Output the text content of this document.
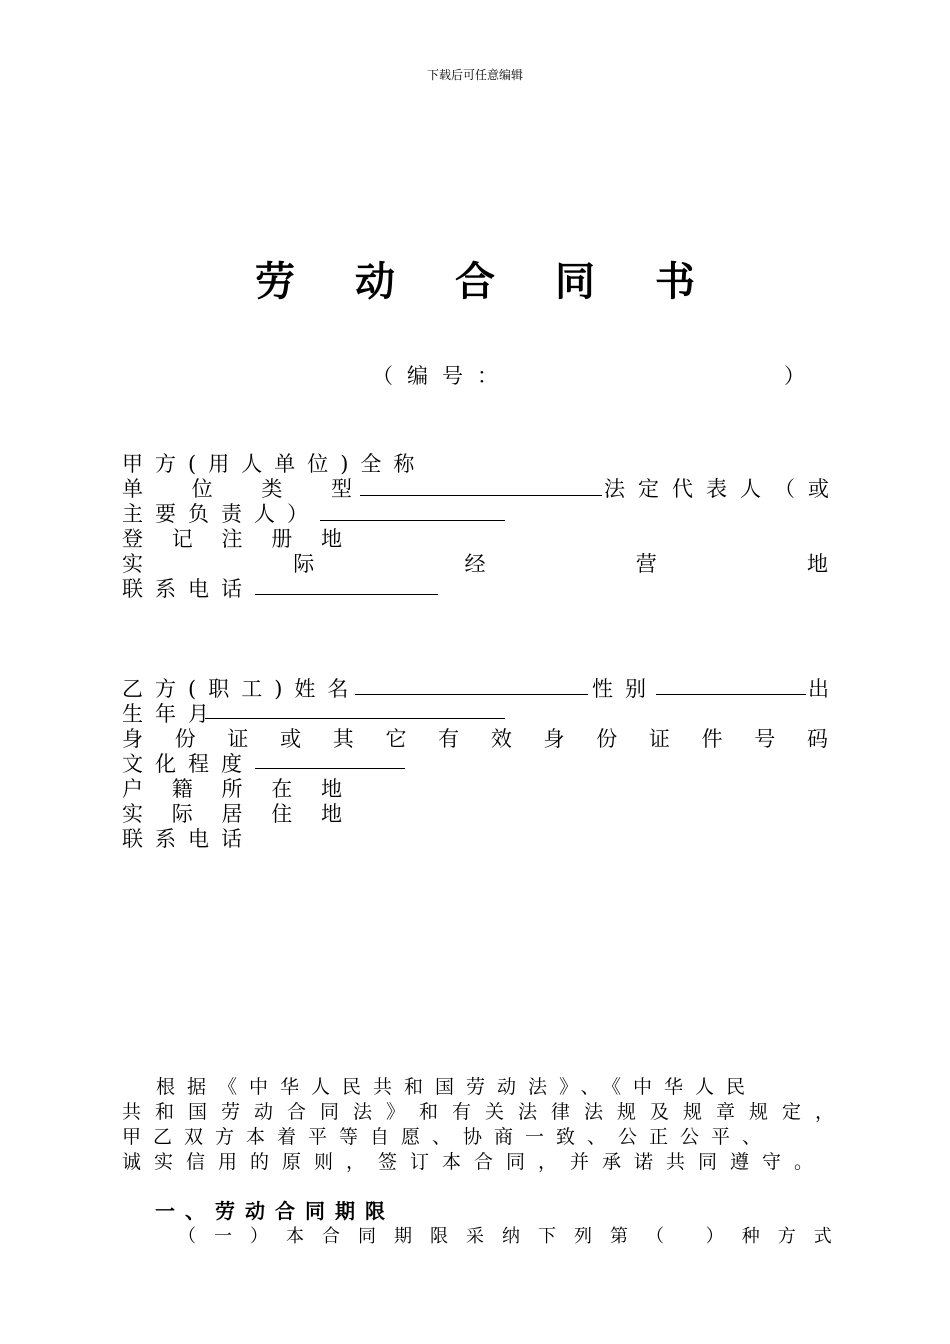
下载后可任意编辑
劳动合同书
（编号：	）
甲方(用人单位)全称
单 位 类 型	法定代表人（或
主要负责人）
登 记 注 册 地
实	际	经	营	地
联系电话
乙方(职工)姓名	性别	出
生年月
身 份 证 或 其 它 有 效 身 份 证 件 号 码
文化程度
户 籍 所 在 地
实 际 居 住 地
联系电话
根据《中华人民共和国劳动法》、《中华人民
共和国劳动合同法》和有关法律法规及规章规定，
甲乙双方本着平等自愿、协商一致、公正公平、
诚实信用的原则，签订本合同，并承诺共同遵守。
一、劳动合同期限
（一）本合同期限采纳下列第（ ）种方式
